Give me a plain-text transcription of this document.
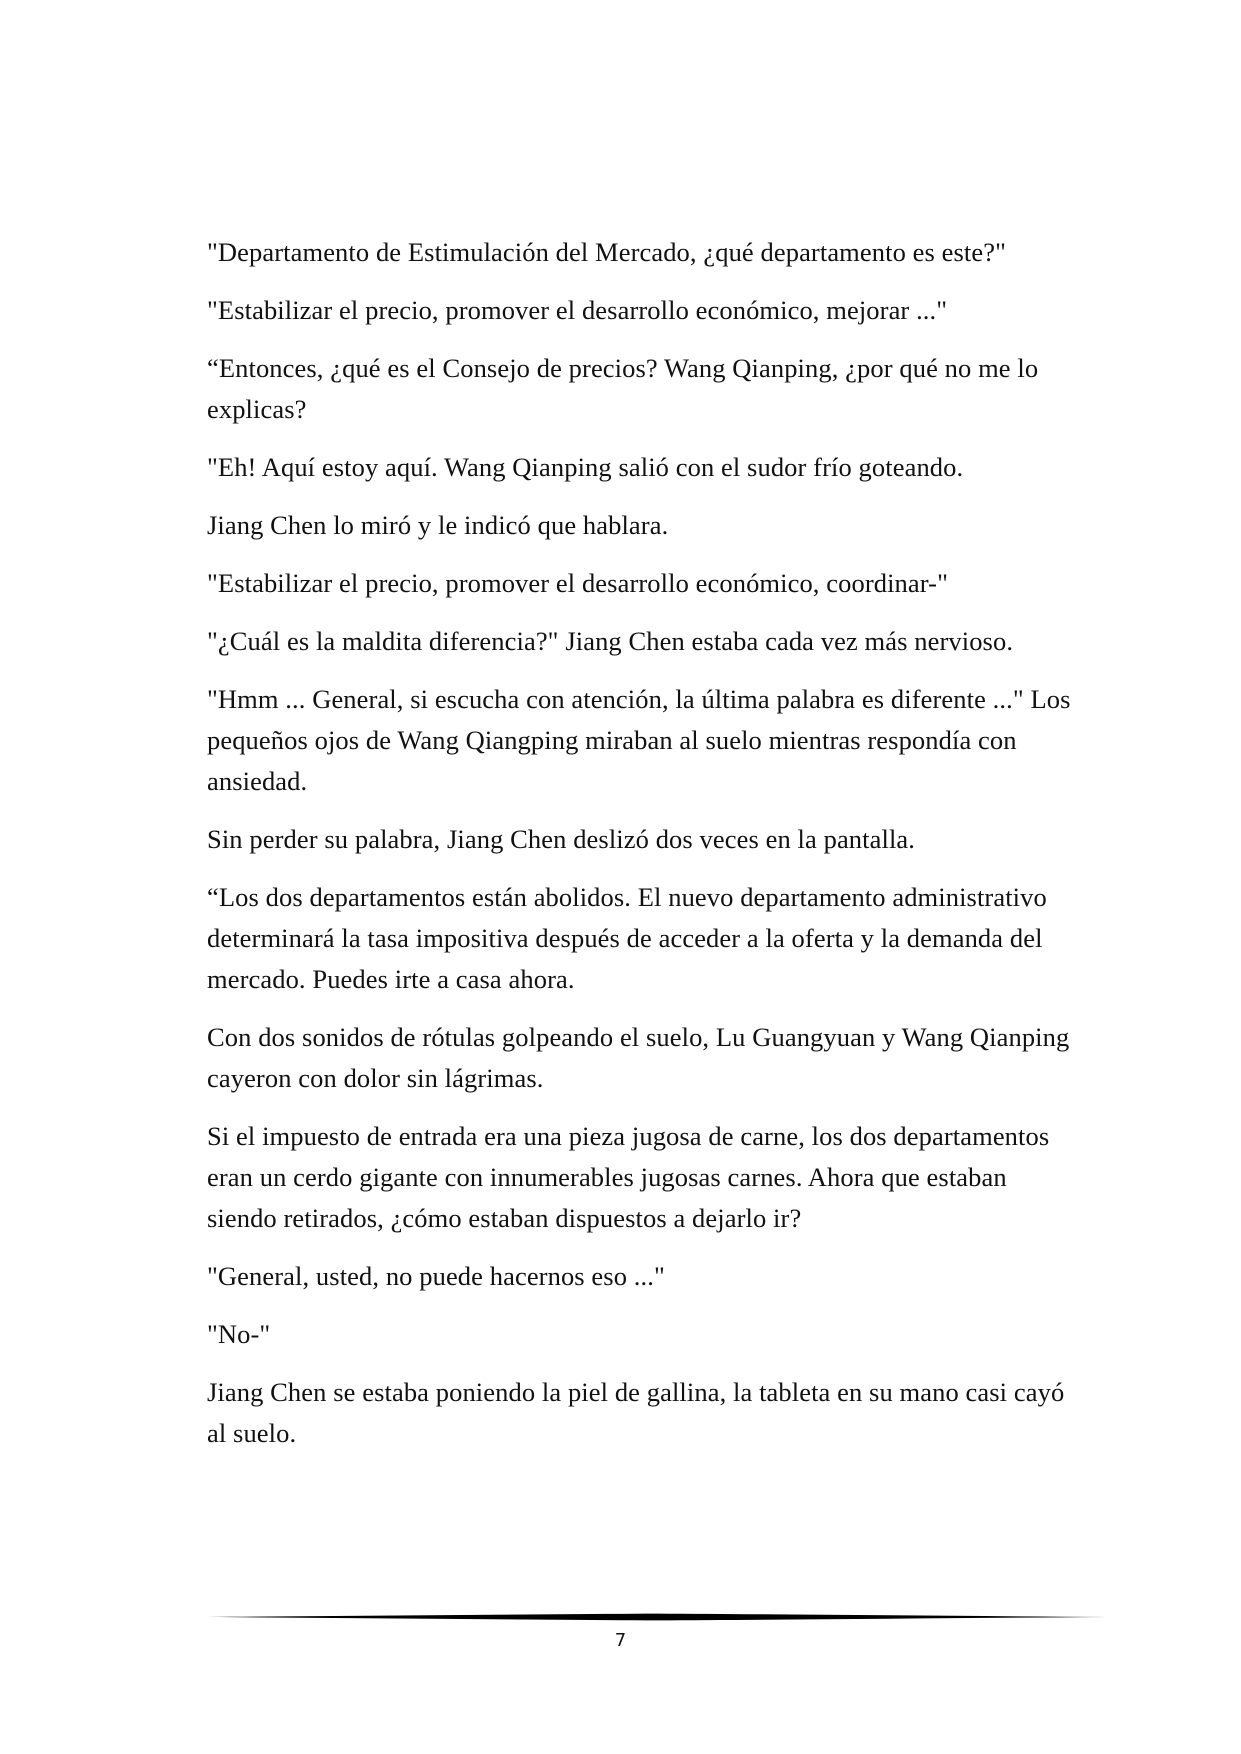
"Departamento de Estimulación del Mercado, ¿qué departamento es este?"

"Estabilizar el precio, promover el desarrollo económico, mejorar ..."

“Entonces, ¿qué es el Consejo de precios? Wang Qianping, ¿por qué no me lo explicas?

"Eh! Aquí estoy aquí. Wang Qianping salió con el sudor frío goteando.

Jiang Chen lo miró y le indicó que hablara.

"Estabilizar el precio, promover el desarrollo económico, coordinar-"

"¿Cuál es la maldita diferencia?" Jiang Chen estaba cada vez más nervioso.

"Hmm ... General, si escucha con atención, la última palabra es diferente ..." Los pequeños ojos de Wang Qiangping miraban al suelo mientras respondía con ansiedad.

Sin perder su palabra, Jiang Chen deslizó dos veces en la pantalla.

“Los dos departamentos están abolidos. El nuevo departamento administrativo determinará la tasa impositiva después de acceder a la oferta y la demanda del mercado. Puedes irte a casa ahora.

Con dos sonidos de rótulas golpeando el suelo, Lu Guangyuan y Wang Qianping cayeron con dolor sin lágrimas.

Si el impuesto de entrada era una pieza jugosa de carne, los dos departamentos eran un cerdo gigante con innumerables jugosas carnes. Ahora que estaban siendo retirados, ¿cómo estaban dispuestos a dejarlo ir?

"General, usted, no puede hacernos eso ..."

"No-"

Jiang Chen se estaba poniendo la piel de gallina, la tableta en su mano casi cayó al suelo.

7
